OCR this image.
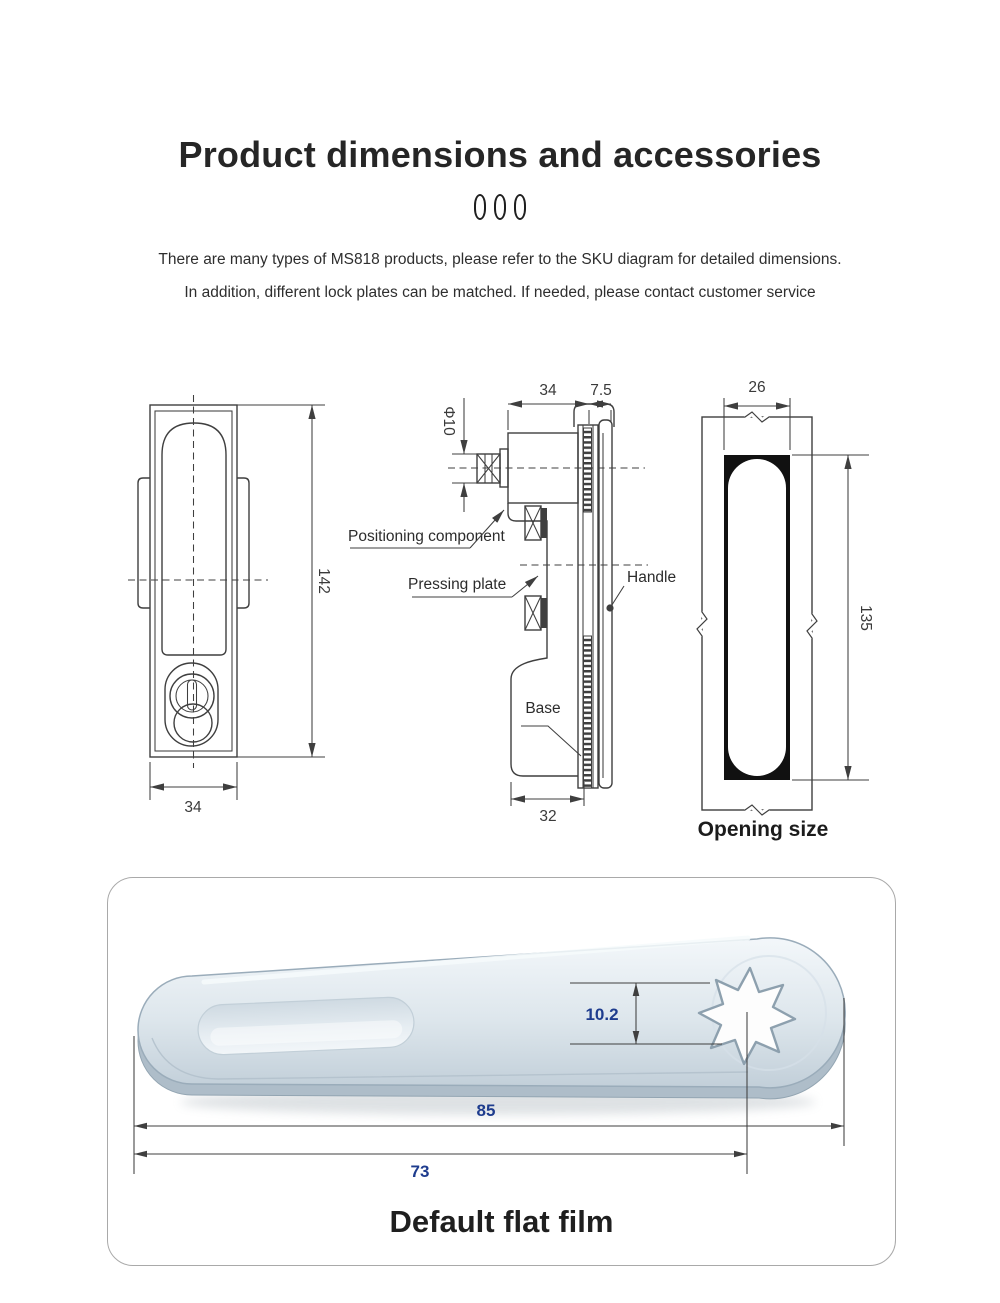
Product dimensions and accessories
There are many types of MS818 products, please refer to the SKU diagram for detailed dimensions.
In addition, different lock plates can be matched. If needed, please contact customer service
142
34
Φ10
34 7.5
32
Positioning component
Pressing plate	Handle
Base
26
135
Opening size
10.2
85
73
Default flat film
